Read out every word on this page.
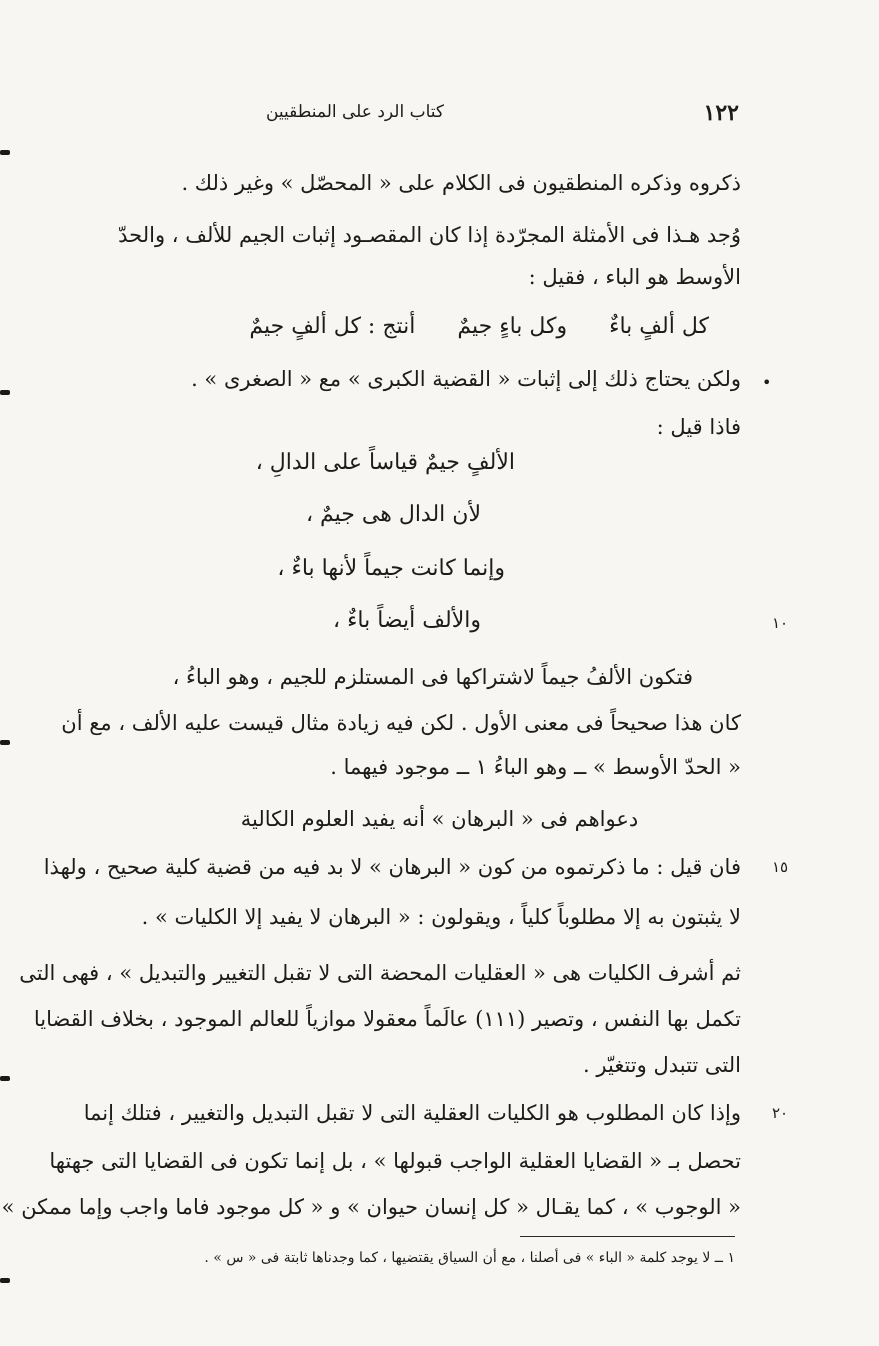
١٢٢
كتاب الرد على المنطقيين
ذكروه وذكره المنطقيون فى الكلام على « المحصّل » وغير ذلك .
وُجد هـذا فى الأمثلة المجرّدة إذا كان المقصـود إثبات الجيم للألف ، والحدّ
الأوسط هو الباء ، فقيل :
كل ألفٍ باءٌ      وكل باءٍ جيمٌ      أنتج : كل ألفٍ جيمٌ
ولكن يحتاج ذلك إلى إثبات « القضية الكبرى » مع « الصغرى » . •
فاذا قيل :
الألفٍ جيمٌ قياساً على الدالِ ،
لأن الدال هى جيمٌ ،
وإنما كانت جيماً لأنها باءٌ ،
والألف أيضاً باءٌ ،	١٠
فتكون الألفُ جيماً لاشتراكها فى المستلزم للجيم ، وهو الباءُ ،
كان هذا صحيحاً فى معنى الأول . لكن فيه زيادة مثال قيست عليه الألف ، مع أن
« الحدّ الأوسط » ــ وهو الباءُ ١ ــ موجود فيهما .
دعواهم فى « البرهان » أنه يفيد العلوم الكالية
فان قيل : ما ذكرتموه من كون « البرهان » لا بد فيه من قضية كلية صحيح ، ولهذا	١٥
لا يثبتون به إلا مطلوباً كلياً ، ويقولون : « البرهان لا يفيد إلا الكليات » .
ثم أشرف الكليات هى « العقليات المحضة التى لا تقبل التغيير والتبديل » ، فهى التى
تكمل بها النفس ، وتصير (١١١) عالَماً معقولا موازياً للعالم الموجود ، بخلاف القضايا
التى تتبدل وتتغيّر .
وإذا كان المطلوب هو الكليات العقلية التى لا تقبل التبديل والتغيير ، فتلك إنما	٢٠
تحصل بـ « القضايا العقلية الواجب قبولها » ، بل إنما تكون فى القضايا التى جهتها
« الوجوب » ، كما يقـال « كل إنسان حيوان » و « كل موجود فاما واجب وإما ممكن »
١ ــ لا يوجد كلمة « الباء » فى أصلنا ، مع أن السياق يقتضيها ، كما وجدناها ثابتة فى « س » .
